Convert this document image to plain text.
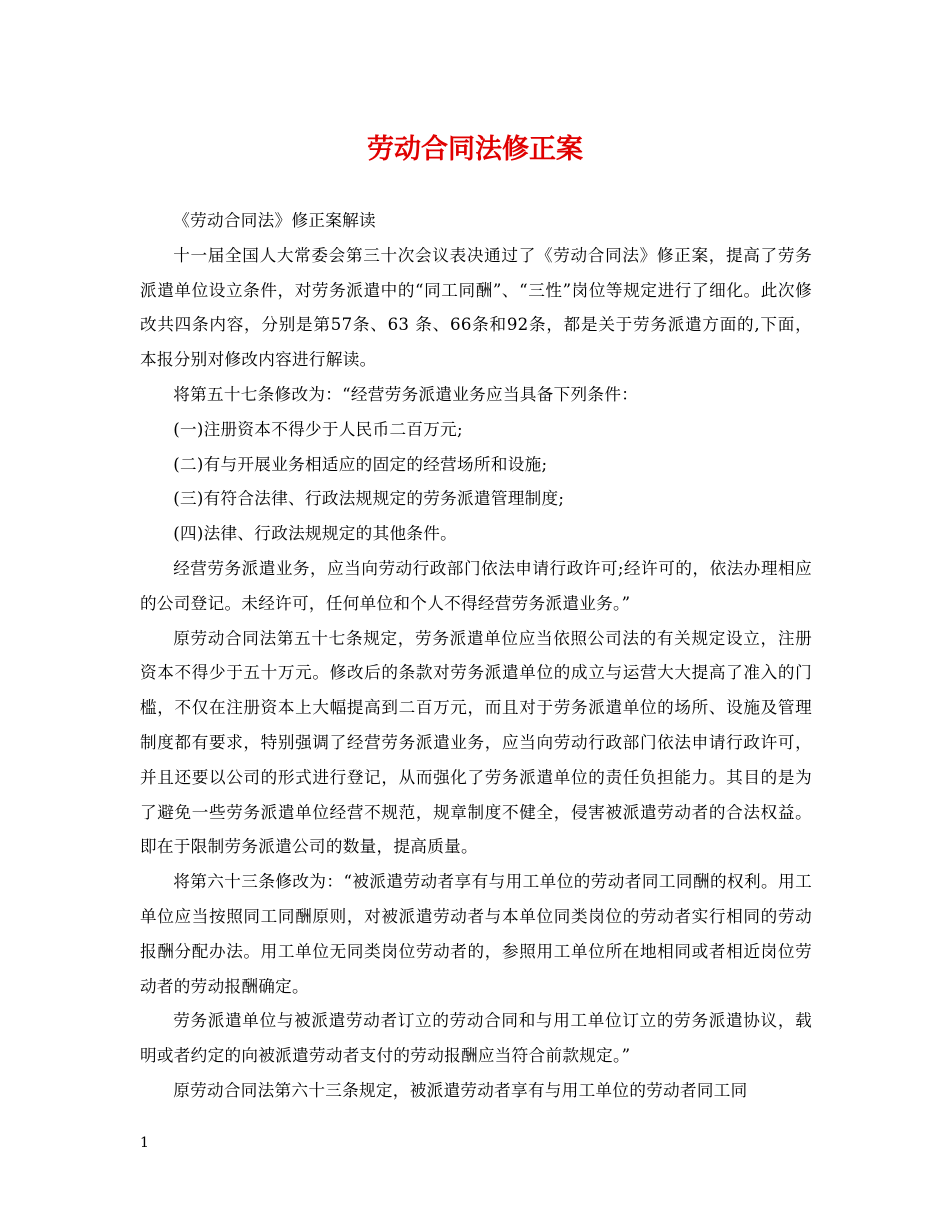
劳动合同法修正案

《劳动合同法》修正案解读

十一届全国人大常委会第三十次会议表决通过了《劳动合同法》修正案，提高了劳务派遣单位设立条件，对劳务派遣中的“同工同酬”、“三性”岗位等规定进行了细化。此次修改共四条内容，分别是第57条、63 条、66条和92条，都是关于劳务派遣方面的,下面，本报分别对修改内容进行解读。

将第五十七条修改为：“经营劳务派遣业务应当具备下列条件：

(一)注册资本不得少于人民币二百万元;

(二)有与开展业务相适应的固定的经营场所和设施;

(三)有符合法律、行政法规规定的劳务派遣管理制度;

(四)法律、行政法规规定的其他条件。

经营劳务派遣业务，应当向劳动行政部门依法申请行政许可;经许可的，依法办理相应的公司登记。未经许可，任何单位和个人不得经营劳务派遣业务。”

原劳动合同法第五十七条规定，劳务派遣单位应当依照公司法的有关规定设立，注册资本不得少于五十万元。修改后的条款对劳务派遣单位的成立与运营大大提高了准入的门槛，不仅在注册资本上大幅提高到二百万元，而且对于劳务派遣单位的场所、设施及管理制度都有要求，特别强调了经营劳务派遣业务，应当向劳动行政部门依法申请行政许可，并且还要以公司的形式进行登记，从而强化了劳务派遣单位的责任负担能力。其目的是为了避免一些劳务派遣单位经营不规范，规章制度不健全，侵害被派遣劳动者的合法权益。即在于限制劳务派遣公司的数量，提高质量。

将第六十三条修改为：“被派遣劳动者享有与用工单位的劳动者同工同酬的权利。用工单位应当按照同工同酬原则，对被派遣劳动者与本单位同类岗位的劳动者实行相同的劳动报酬分配办法。用工单位无同类岗位劳动者的，参照用工单位所在地相同或者相近岗位劳动者的劳动报酬确定。

劳务派遣单位与被派遣劳动者订立的劳动合同和与用工单位订立的劳务派遣协议，载明或者约定的向被派遣劳动者支付的劳动报酬应当符合前款规定。”

原劳动合同法第六十三条规定，被派遣劳动者享有与用工单位的劳动者同工同

1
